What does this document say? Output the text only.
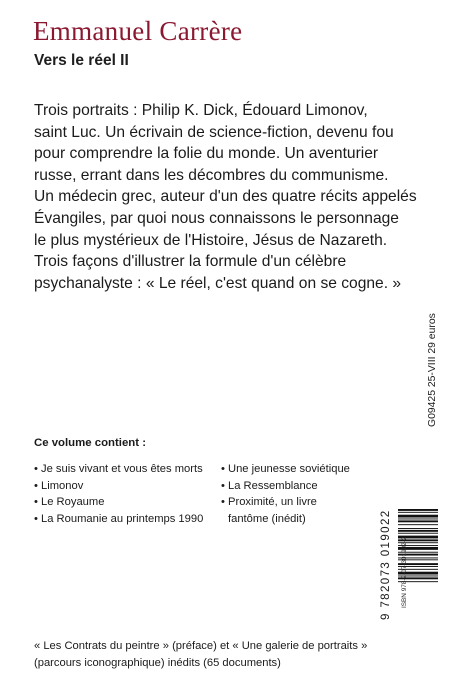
Emmanuel Carrère
Vers le réel II
Trois portraits : Philip K. Dick, Édouard Limonov,
saint Luc. Un écrivain de science-fiction, devenu fou
pour comprendre la folie du monde. Un aventurier
russe, errant dans les décombres du communisme.
Un médecin grec, auteur d'un des quatre récits appelés
Évangiles, par quoi nous connaissons le personnage
le plus mystérieux de l'Histoire, Jésus de Nazareth.
Trois façons d'illustrer la formule d'un célèbre
psychanalyste : « Le réel, c'est quand on se cogne. »
Ce volume contient :
• Je suis vivant et vous êtes morts
• Limonov
• Le Royaume
• La Roumanie au printemps 1990
• Une jeunesse soviétique
• La Ressemblance
• Proximité, un livre
fantôme (inédit)
G09425 25-VIII 29 euros
9 782073 019022 ISBN 978-2-07-301902-2
« Les Contrats du peintre » (préface) et « Une galerie de portraits »
(parcours iconographique) inédits (65 documents)
